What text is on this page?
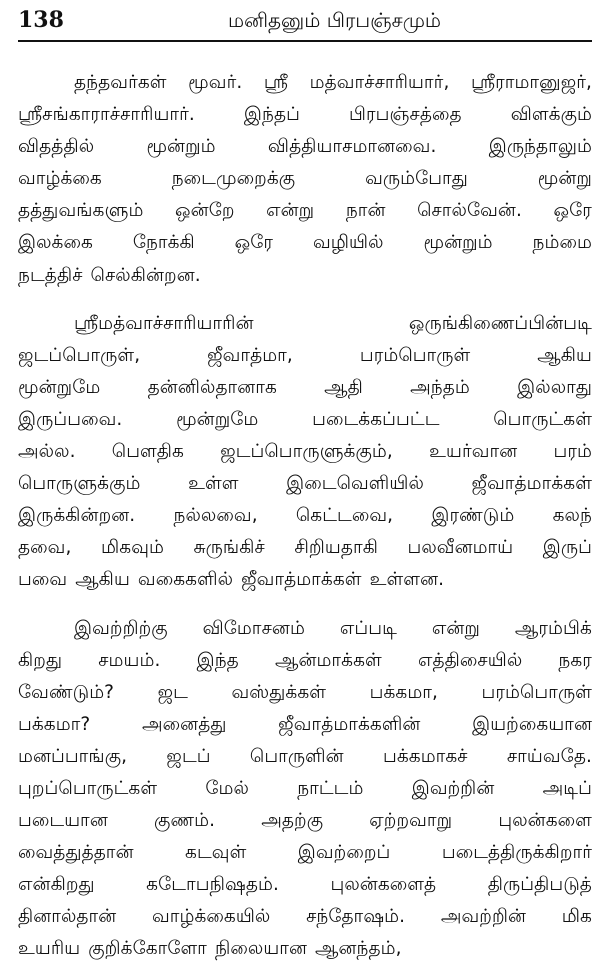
138	மனிதனும் பிரபஞ்சமும்
தந்தவர்கள் மூவர். ஸ்ரீ மத்வாச்சாரியார், ஸ்ரீராமானுஜர்,
ஸ்ரீசங்காராச்சாரியார்.	இந்தப்	பிரபஞ்சத்தை	விளக்கும்
விதத்தில்	மூன்றும்	வித்தியாசமானவை.	இருந்தாலும்
வாழ்க்கை	நடைமுறைக்கு	வரும்போது	மூன்று
தத்துவங்களும் ஒன்றே என்று நான் சொல்வேன். ஒரே
இலக்கை நோக்கி ஒரே வழியில் மூன்றும் நம்மை
நடத்திச் செல்கின்றன.
ஸ்ரீமத்வாச்சாரியாரின்	ஒருங்கிணைப்பின்படி
ஜடப்பொருள்,	ஜீவாத்மா,	பரம்பொருள்	ஆகிய
மூன்றுமே	தன்னில்தானாக	ஆதி	அந்தம்	இல்லாது
இருப்பவை.	மூன்றுமே	படைக்கப்பட்ட	பொருட்கள்
அல்ல. பௌதிக ஜடப்பொருளுக்கும், உயர்வான பரம்
பொருளுக்கும்	உள்ள	இடைவெளியில்	ஜீவாத்மாக்கள்
இருக்கின்றன. நல்லவை, கெட்டவை, இரண்டும் கலந்
தவை, மிகவும் சுருங்கிச் சிறியதாகி பலவீனமாய் இருப்
பவை ஆகிய வகைகளில் ஜீவாத்மாக்கள் உள்ளன.
இவற்றிற்கு விமோசனம் எப்படி என்று ஆரம்பிக்
கிறது சமயம். இந்த ஆன்மாக்கள் எத்திசையில் நகர
வேண்டும்? ஜட வஸ்துக்கள் பக்கமா, பரம்பொருள்
பக்கமா?	அனைத்து	ஜீவாத்மாக்களின்	இயற்கையான
மனப்பாங்கு, ஜடப் பொருளின் பக்கமாகச் சாய்வதே.
புறப்பொருட்கள்	மேல்	நாட்டம்	இவற்றின்	அடிப்
படையான குணம். அதற்கு ஏற்றவாறு புலன்களை
வைத்துத்தான்	கடவுள்	இவற்றைப்	படைத்திருக்கிறார்
என்கிறது	கடோபநிஷதம்.	புலன்களைத்	திருப்திபடுத்
தினால்தான் வாழ்க்கையில் சந்தோஷம். அவற்றின் மிக
உயரிய குறிக்கோளோ நிலையான ஆனந்தம்,
